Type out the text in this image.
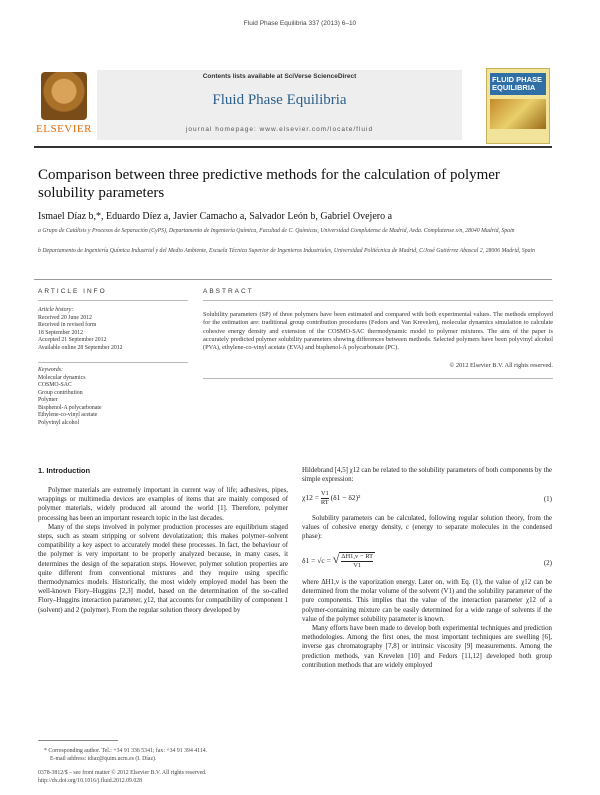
Fluid Phase Equilibria 337 (2013) 6–10
ELSEVIER
Contents lists available at SciVerse ScienceDirect
Fluid Phase Equilibria
journal homepage: www.elsevier.com/locate/fluid
FLUID PHASE EQUILIBRIA
Comparison between three predictive methods for the calculation of polymer solubility parameters
Ismael Díaz b,*, Eduardo Díez a, Javier Camacho a, Salvador León b, Gabriel Ovejero a
a Grupo de Catálisis y Procesos de Separación (CyPS), Departamento de Ingeniería Química, Facultad de C. Químicas, Universidad Complutense de Madrid, Avda. Complutense s/n, 28040 Madrid, Spain
b Departamento de Ingeniería Química Industrial y del Medio Ambiente, Escuela Técnica Superior de Ingenieros Industriales, Universidad Politécnica de Madrid, C/José Gutiérrez Abascal 2, 28006 Madrid, Spain
ARTICLE INFO
Article history:
Received 20 June 2012
Received in revised form
18 September 2012
Accepted 21 September 2012
Available online 28 September 2012
Keywords:
Molecular dynamics
COSMO-SAC
Group contribution
Polymer
Bisphenol-A polycarbonate
Ethylene-co-vinyl acetate
Polyvinyl alcohol
ABSTRACT
Solubility parameters (SP) of three polymers have been estimated and compared with both experimental values. The methods employed for the estimation are: traditional group contribution procedures (Fedors and Van Krevelen), molecular dynamics simulation to calculate cohesive energy density and extension of the COSMO-SAC thermodynamic model to polymer mixtures. The aim of the paper is accurately predicted polymer solubility parameters showing differences between methods. Selected polymers have been polyvinyl alcohol (PVA), ethylene-co-vinyl acetate (EVA) and bisphenol-A polycarbonate (PC).
© 2012 Elsevier B.V. All rights reserved.
1. Introduction

Polymer materials are extremely important in current way of life; adhesives, pipes, wrappings or multimedia devices are examples of items that are mainly composed of polymer materials, widely produced all around the world [1]. Therefore, polymer processing has been an important research topic in the last decades.

Many of the steps involved in polymer production processes are equilibrium staged steps, such as steam stripping or solvent devolatization; this makes polymer–solvent compatibility a key aspect to accurately model these processes. In fact, the behaviour of the polymer is very important to be properly analyzed because, in many cases, it determines the design of the separation steps. However, polymer solution properties are quite different from conventional mixtures and they require using specific thermodynamics models. Historically, the most widely employed model has been the well-known Flory–Huggins [2,3] model, based on the determination of the so-called Flory–Huggins interaction parameter, χ12, that accounts for compatibility of component 1 (solvent) and 2 (polymer). From the regular solution theory developed by

Hildebrand [4,5] χ12 can be related to the solubility parameters of both components by the simple expression:
$\chi 12 = \frac{V1}{RT} (\delta 1 - \delta 2)^2$	(1)

Solubility parameters can be calculated, following regular solution theory, from the values of cohesive energy density, c (energy to separate molecules in the condensed phase):

δ1 = √c = √ $\frac{\Delta H1,v - RT}{V1}$	(2)

where ΔH1,v is the vaporization energy. Later on, with Eq. (1), the value of χ12 can be determined from the molar volume of the solvent (V1) and the solubility parameter of the pure components. This implies that the value of the interaction parameter χ12 of a polymer-containing mixture can be easily determined for a wide range of solvents if the value of the polymer solubility parameter is known.

Many efforts have been made to develop both experimental techniques and prediction methodologies. Among the first ones, the most important techniques are swelling [6], inverse gas chromatography [7,8] or intrinsic viscosity [9] measurements. Among the prediction methods, van Krevelen [10] and Fedors [11,12] developed both group contribution methods that are widely employed

* Corresponding author. Tel.: +34 91 336 5341; fax: +34 91 394 4114.
E-mail address: idiaz@quim.ucm.es (I. Díaz).
0378-3812/$ – see front matter © 2012 Elsevier B.V. All rights reserved.
http://dx.doi.org/10.1016/j.fluid.2012.09.028
